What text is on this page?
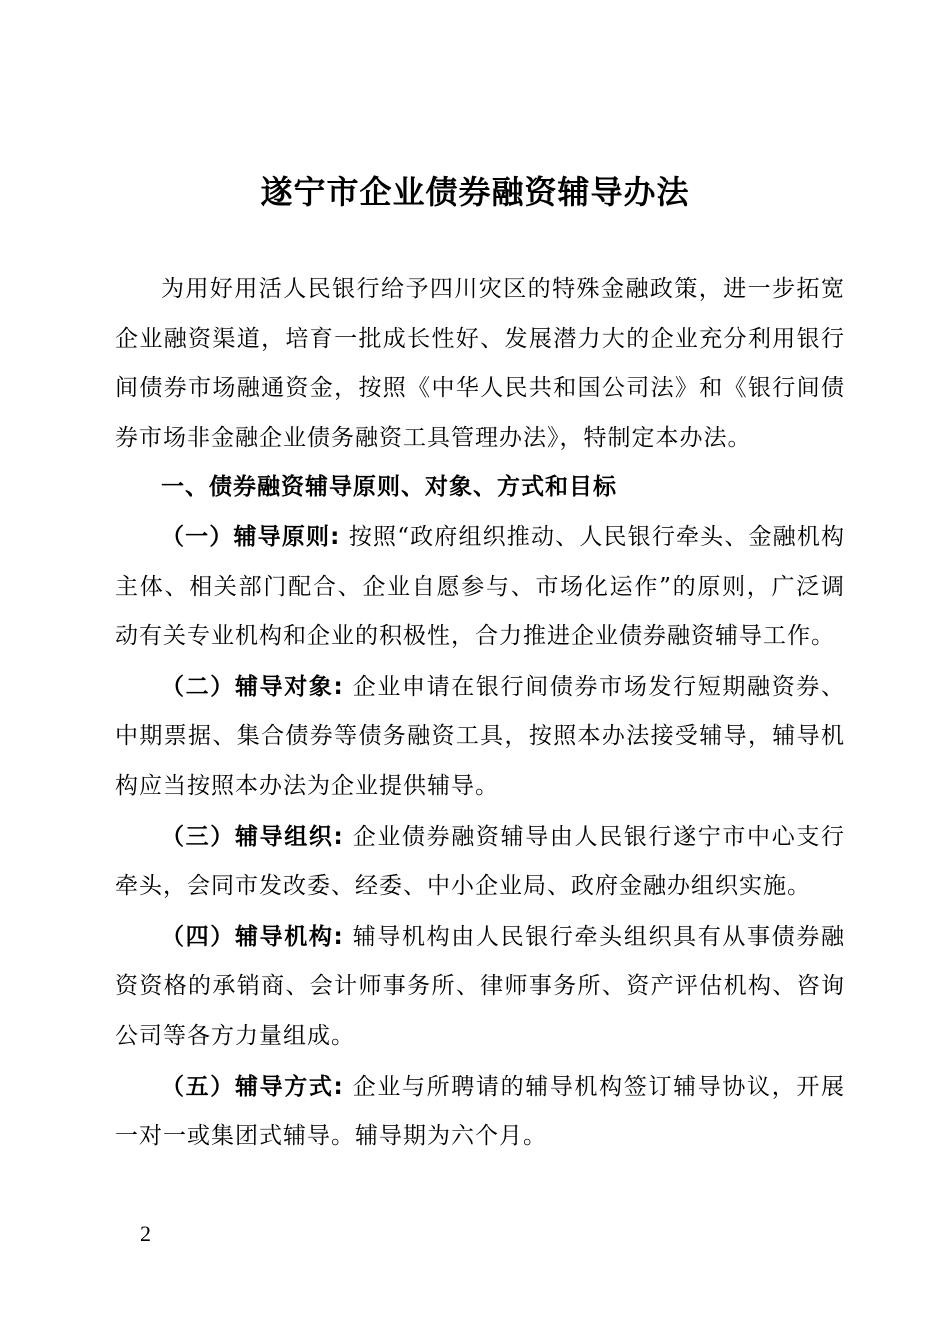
遂宁市企业债券融资辅导办法

为用好用活人民银行给予四川灾区的特殊金融政策，进一步拓宽企业融资渠道，培育一批成长性好、发展潜力大的企业充分利用银行间债券市场融通资金，按照《中华人民共和国公司法》和《银行间债券市场非金融企业债务融资工具管理办法》，特制定本办法。

一、债券融资辅导原则、对象、方式和目标

（一）辅导原则: 按照“政府组织推动、人民银行牵头、金融机构主体、相关部门配合、企业自愿参与、市场化运作”的原则，广泛调动有关专业机构和企业的积极性，合力推进企业债券融资辅导工作。

（二）辅导对象: 企业申请在银行间债券市场发行短期融资券、中期票据、集合债券等债务融资工具，按照本办法接受辅导，辅导机构应当按照本办法为企业提供辅导。

（三）辅导组织: 企业债券融资辅导由人民银行遂宁市中心支行牵头，会同市发改委、经委、中小企业局、政府金融办组织实施。

（四）辅导机构: 辅导机构由人民银行牵头组织具有从事债券融资资格的承销商、会计师事务所、律师事务所、资产评估机构、咨询公司等各方力量组成。

（五）辅导方式: 企业与所聘请的辅导机构签订辅导协议，开展一对一或集团式辅导。辅导期为六个月。

2
